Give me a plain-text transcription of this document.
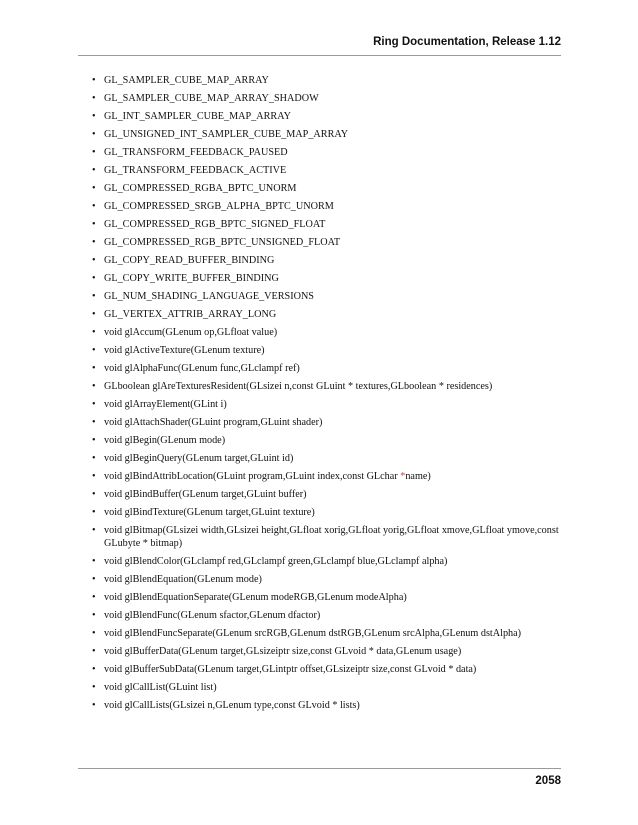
Ring Documentation, Release 1.12
• GL_SAMPLER_CUBE_MAP_ARRAY
• GL_SAMPLER_CUBE_MAP_ARRAY_SHADOW
• GL_INT_SAMPLER_CUBE_MAP_ARRAY
• GL_UNSIGNED_INT_SAMPLER_CUBE_MAP_ARRAY
• GL_TRANSFORM_FEEDBACK_PAUSED
• GL_TRANSFORM_FEEDBACK_ACTIVE
• GL_COMPRESSED_RGBA_BPTC_UNORM
• GL_COMPRESSED_SRGB_ALPHA_BPTC_UNORM
• GL_COMPRESSED_RGB_BPTC_SIGNED_FLOAT
• GL_COMPRESSED_RGB_BPTC_UNSIGNED_FLOAT
• GL_COPY_READ_BUFFER_BINDING
• GL_COPY_WRITE_BUFFER_BINDING
• GL_NUM_SHADING_LANGUAGE_VERSIONS
• GL_VERTEX_ATTRIB_ARRAY_LONG
• void glAccum(GLenum op,GLfloat value)
• void glActiveTexture(GLenum texture)
• void glAlphaFunc(GLenum func,GLclampf ref)
• GLboolean glAreTexturesResident(GLsizei n,const GLuint * textures,GLboolean * residences)
• void glArrayElement(GLint i)
• void glAttachShader(GLuint program,GLuint shader)
• void glBegin(GLenum mode)
• void glBeginQuery(GLenum target,GLuint id)
• void glBindAttribLocation(GLuint program,GLuint index,const GLchar *name)
• void glBindBuffer(GLenum target,GLuint buffer)
• void glBindTexture(GLenum target,GLuint texture)
• void glBitmap(GLsizei width,GLsizei height,GLfloat xorig,GLfloat yorig,GLfloat xmove,GLfloat ymove,const GLubyte * bitmap)
• void glBlendColor(GLclampf red,GLclampf green,GLclampf blue,GLclampf alpha)
• void glBlendEquation(GLenum mode)
• void glBlendEquationSeparate(GLenum modeRGB,GLenum modeAlpha)
• void glBlendFunc(GLenum sfactor,GLenum dfactor)
• void glBlendFuncSeparate(GLenum srcRGB,GLenum dstRGB,GLenum srcAlpha,GLenum dstAlpha)
• void glBufferData(GLenum target,GLsizeiptr size,const GLvoid * data,GLenum usage)
• void glBufferSubData(GLenum target,GLintptr offset,GLsizeiptr size,const GLvoid * data)
• void glCallList(GLuint list)
• void glCallLists(GLsizei n,GLenum type,const GLvoid * lists)
2058
